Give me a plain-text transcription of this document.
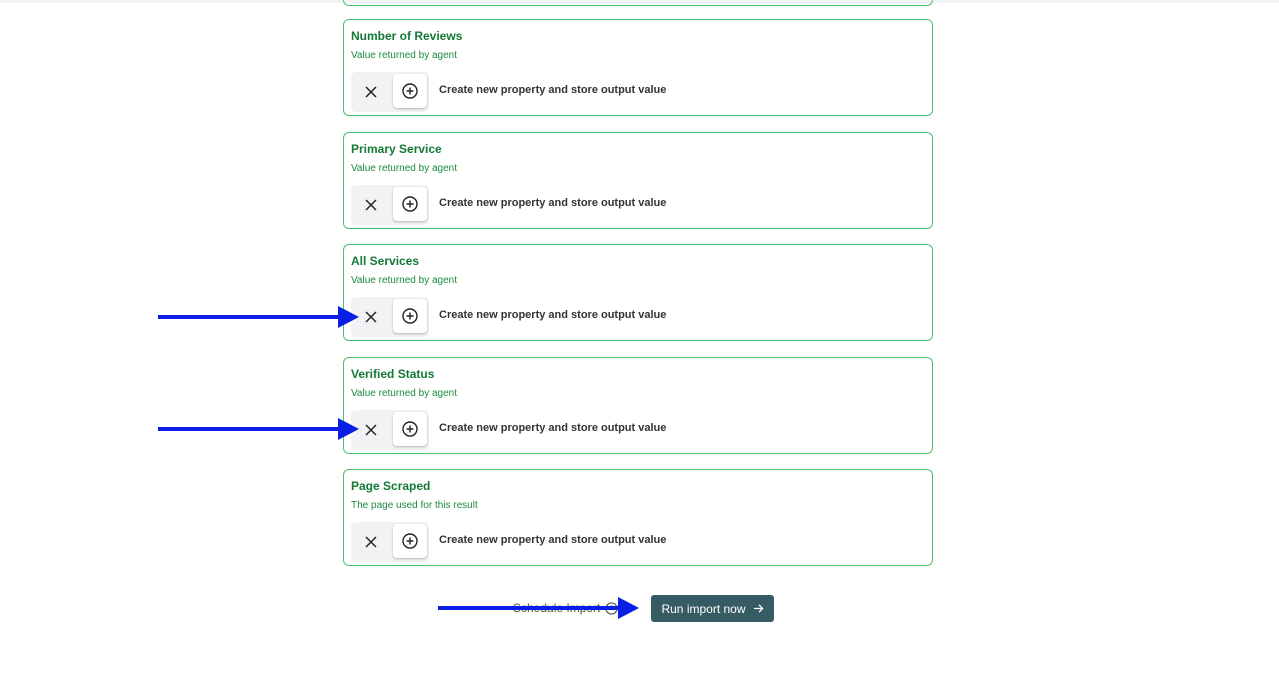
Number of Reviews
Value returned by agent
Create new property and store output value
Primary Service
Value returned by agent
Create new property and store output value
All Services
Value returned by agent
Create new property and store output value
Verified Status
Value returned by agent
Create new property and store output value
Page Scraped
The page used for this result
Create new property and store output value
Run import now
